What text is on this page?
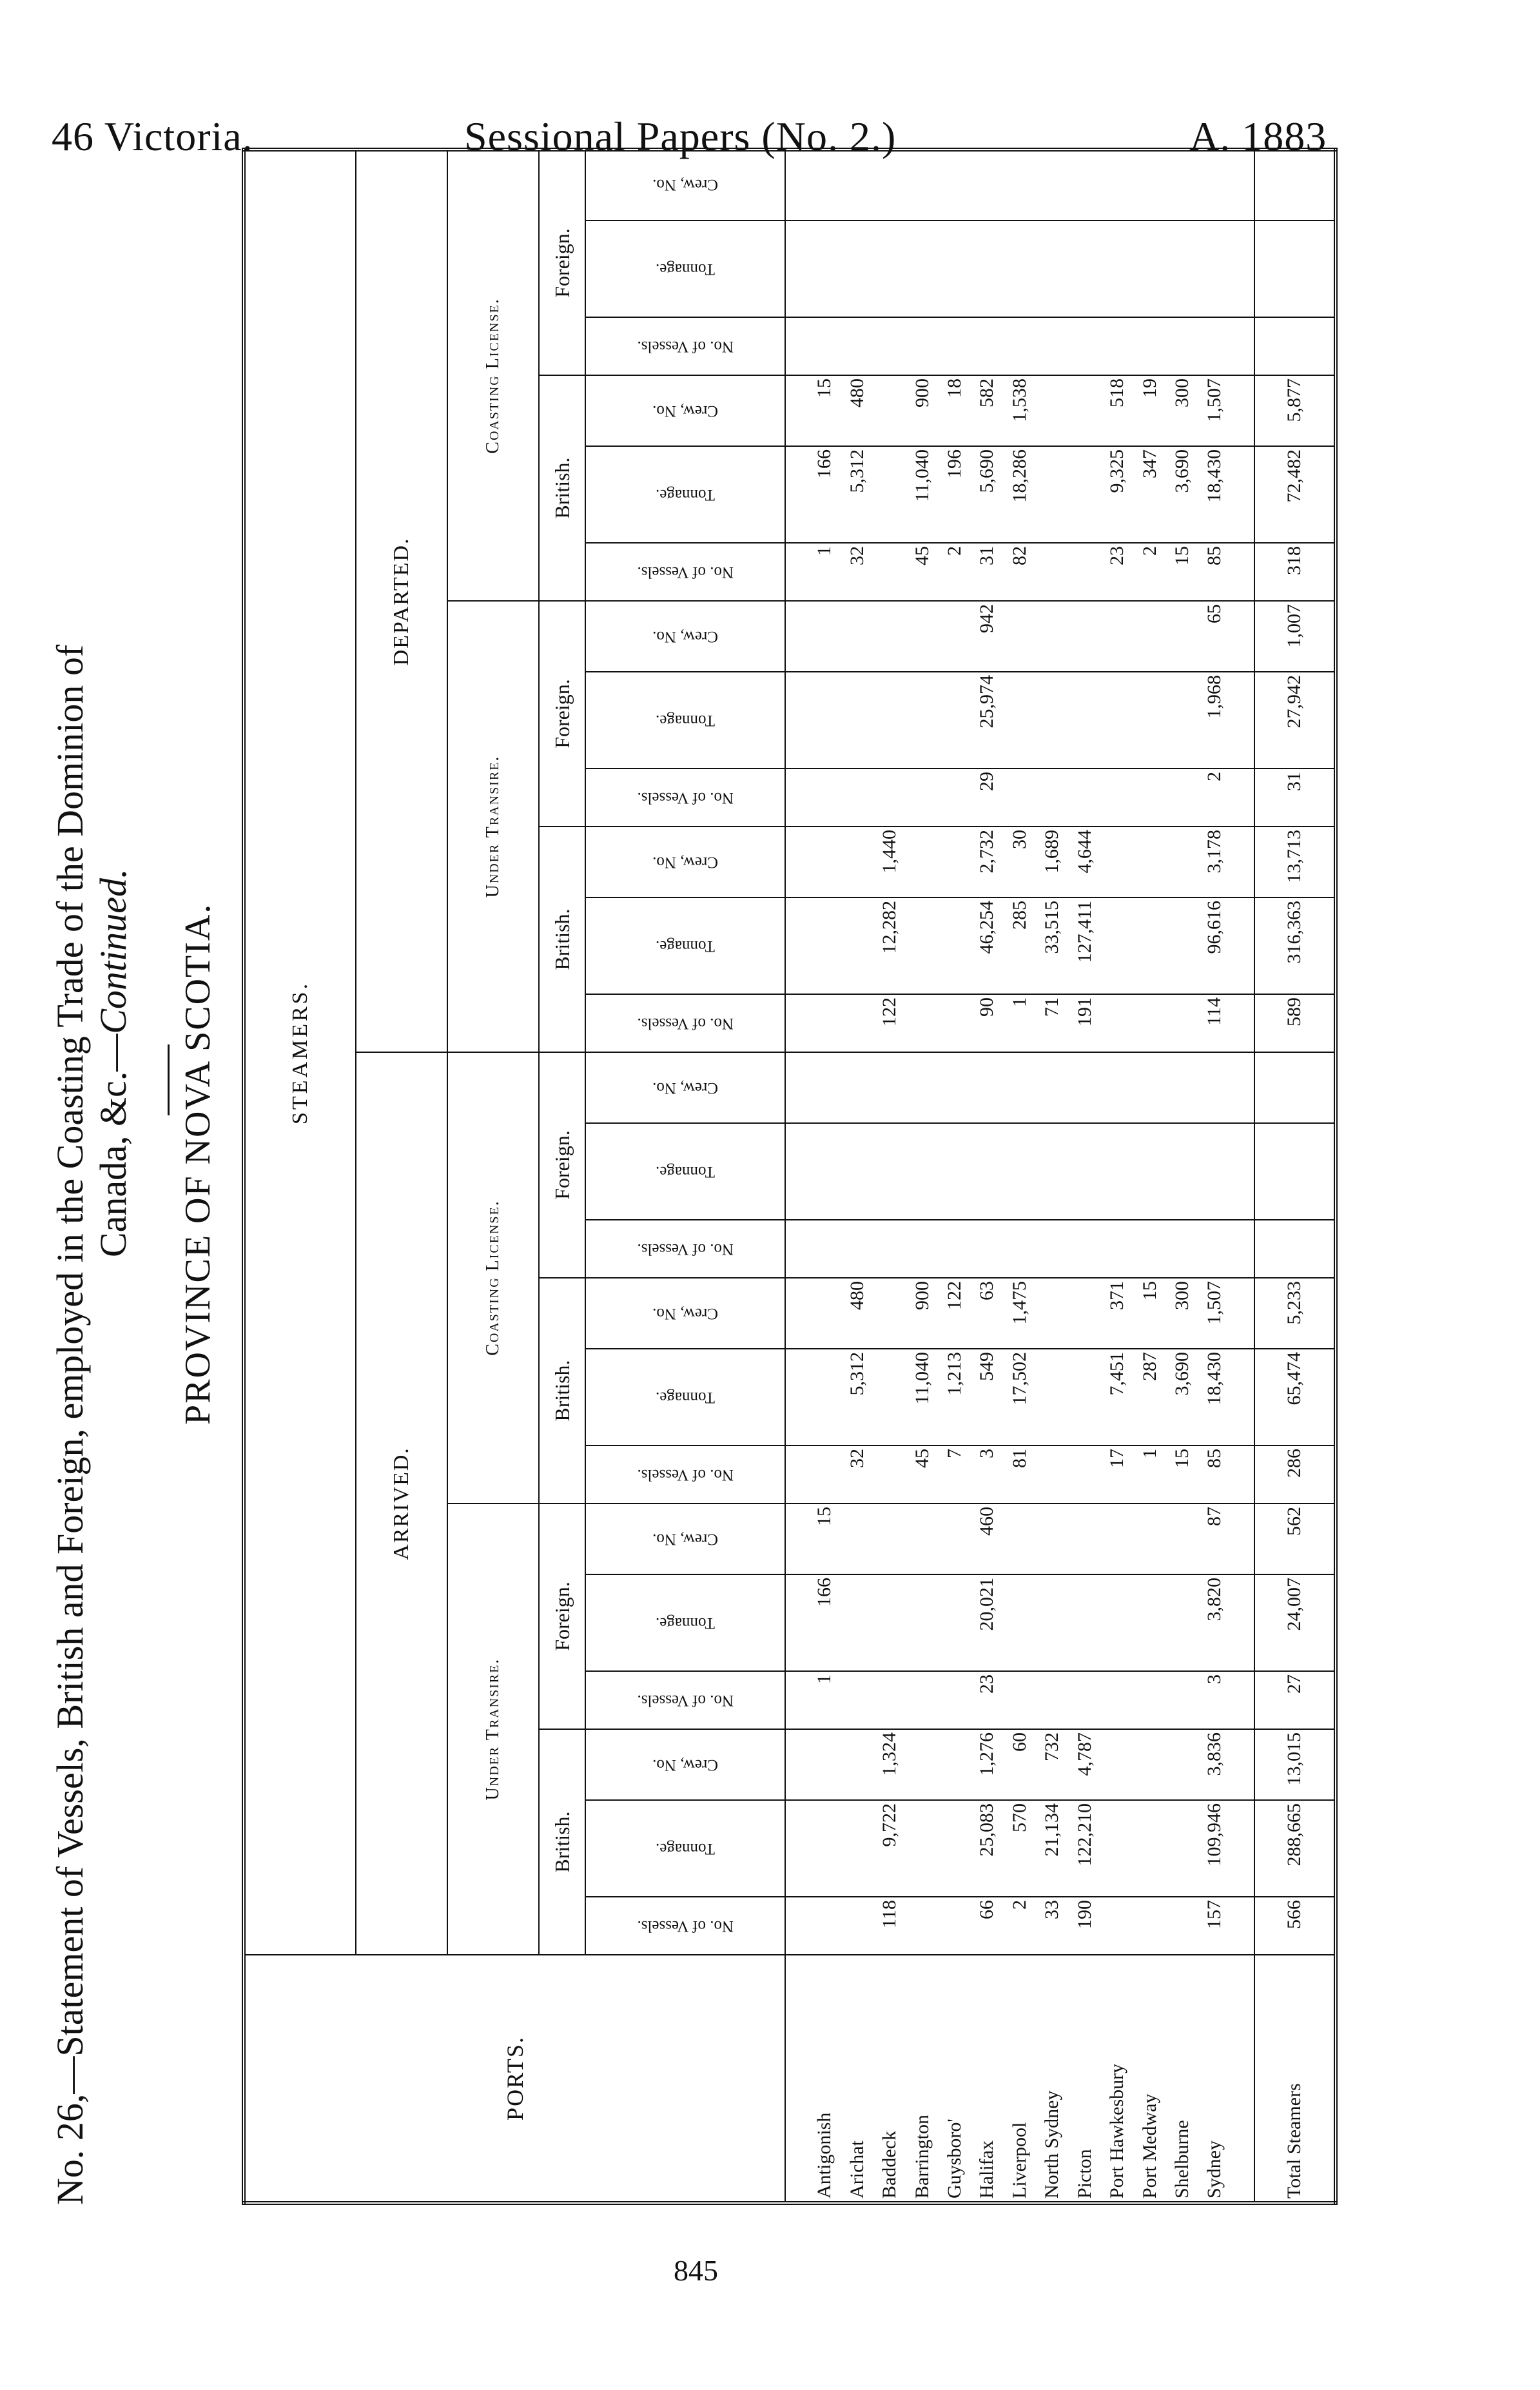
46 Victoria.	Sessional Papers (No. 2.)	A. 1883
No. 26,—Statement of Vessels, British and Foreign, employed in the Coasting Trade of the Dominion of Canada, &c.—Continued. PROVINCE OF NOVA SCOTIA.
PORTS.	STEAMERS.																							
	ARRIVED.												DEPARTED.											
	Under Transire.						Coasting License.						Under Transire.						Coasting License.					
	British.			Foreign.			British.			Foreign.			British.			Foreign.			British.			Foreign.		
	No. of Vessels.	Tonnage.	Crew, No.	No. of Vessels.	Tonnage.	Crew, No.	No. of Vessels.	Tonnage.	Crew, No.	No. of Vessels.	Tonnage.	Crew, No.	No. of Vessels.	Tonnage.	Crew, No.	No. of Vessels.	Tonnage.	Crew, No.	No. of Vessels.	Tonnage.	Crew, No.	No. of Vessels.	Tonnage.	Crew, No.

Antigonish				1	166	15													1	166	15			
Arichat							32	5,312	480										32	5,312	480			
Baddeck	118	9,722	1,324										122	12,282	1,440									
Barrington							45	11,040	900										45	11,040	900			
Guysboro'							7	1,213	122										2	196	18			
Halifax	66	25,083	1,276	23	20,021	460	3	549	63				90	46,254	2,732	29	25,974	942	31	5,690	582			
Liverpool	2	570	60				81	17,502	1,475				1	285	30				82	18,286	1,538			
North Sydney	33	21,134	732										71	33,515	1,689									
Picton	190	122,210	4,787										191	127,411	4,644									
Port Hawkesbury							17	7,451	371										23	9,325	518			
Port Medway							1	287	15										2	347	19			
Shelburne							15	3,690	300										15	3,690	300			
Sydney	157	109,946	3,836	3	3,820	87	85	18,430	1,507				114	96,616	3,178	2	1,968	65	85	18,430	1,507			

Total Steamers	566	288,665	13,015	27	24,007	562	286	65,474	5,233				589	316,363	13,713	31	27,942	1,007	318	72,482	5,877			
845
